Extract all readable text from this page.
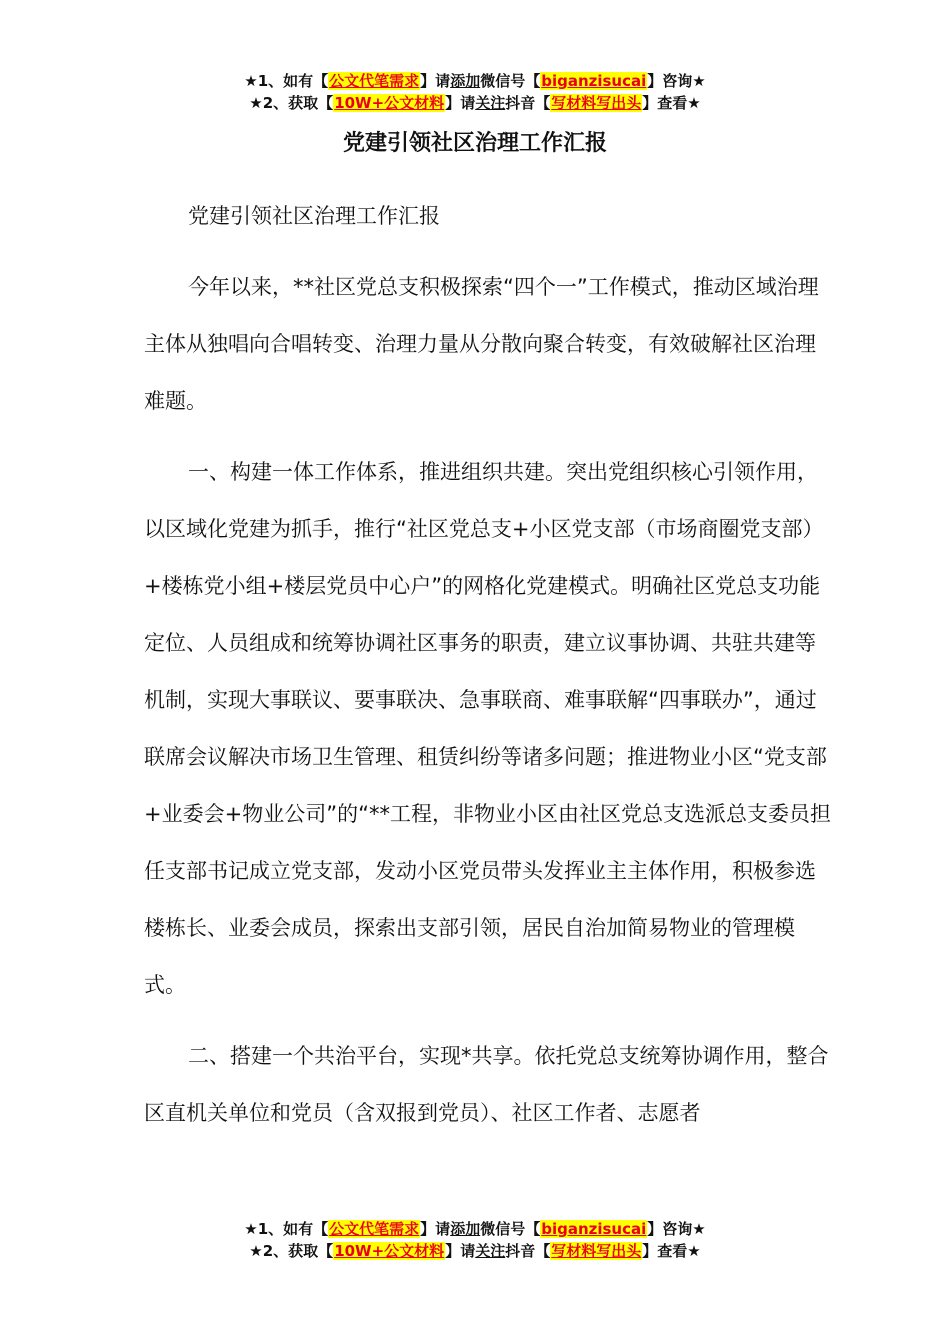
★1、如有【公文代笔需求】请添加微信号【biganzisucai】咨询★
★2、获取【10W+公文材料】请关注抖音【写材料写出头】查看★
党建引领社区治理工作汇报

党建引领社区治理工作汇报

今年以来，**社区党总支积极探索“四个一”工作模式，推动区域治理主体从独唱向合唱转变、治理力量从分散向聚合转变，有效破解社区治理难题。

一、构建一体工作体系，推进组织共建。突出党组织核心引领作用，以区域化党建为抓手，推行“社区党总支+小区党支部（市场商圈党支部）+楼栋党小组+楼层党员中心户”的网格化党建模式。明确社区党总支功能定位、人员组成和统筹协调社区事务的职责，建立议事协调、共驻共建等机制，实现大事联议、要事联决、急事联商、难事联解“四事联办”，通过联席会议解决市场卫生管理、租赁纠纷等诸多问题；推进物业小区“党支部+业委会+物业公司”的“**工程，非物业小区由社区党总支选派总支委员担任支部书记成立党支部，发动小区党员带头发挥业主主体作用，积极参选楼栋长、业委会成员，探索出支部引领，居民自治加简易物业的管理模式。

二、搭建一个共治平台，实现*共享。依托党总支统筹协调作用，整合区直机关单位和党员（含双报到党员）、社区工作者、志愿者

★1、如有【公文代笔需求】请添加微信号【biganzisucai】咨询★
★2、获取【10W+公文材料】请关注抖音【写材料写出头】查看★
